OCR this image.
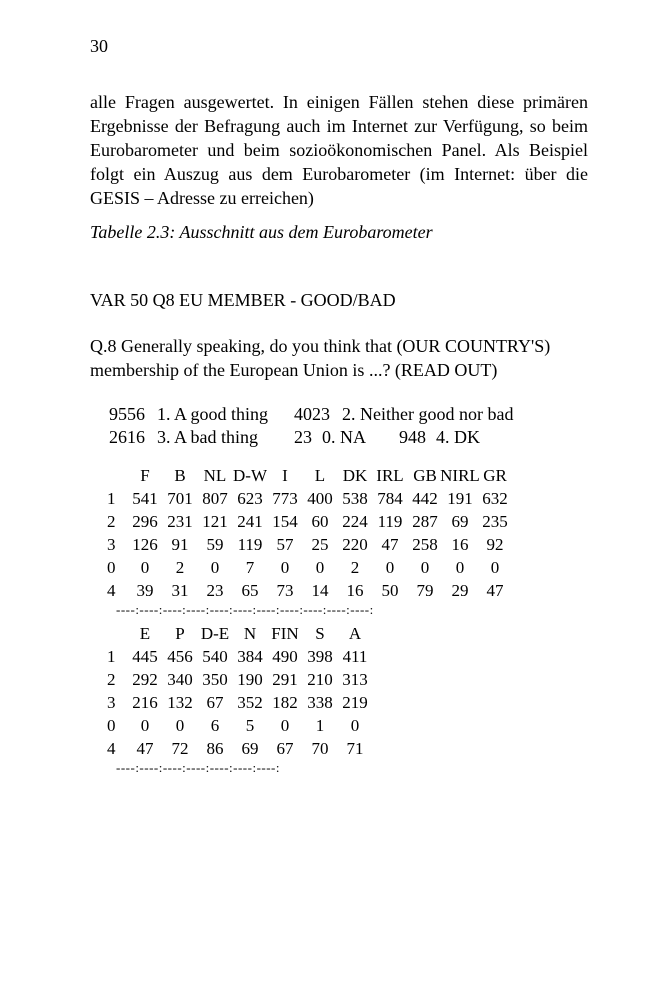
30

alle Fragen ausgewertet. In einigen Fällen stehen diese primären Ergebnisse der Befragung auch im Internet zur Verfügung, so beim Eurobarometer und beim sozioökonomischen Panel. Als Beispiel folgt ein Auszug aus dem Eurobarometer (im Internet: über die GESIS – Adresse zu erreichen)

Tabelle 2.3: Ausschnitt aus dem Eurobarometer
VAR 50 Q8 EU MEMBER - GOOD/BAD

Q.8 Generally speaking, do you think that (OUR COUNTRY'S) membership of the European Union is ...? (READ OUT)

9556 1. A good thing 4023 2. Neither good nor bad
2616 3. A bad thing 23 0. NA 948 4. DK
F	B	NL D-W I	L	DK IRL GB NIRL GR
1 541 701 807 623 773 400 538 784 442 191 632
2 296 231 121 241 154 60 224 119 287 69 235
3 126 91	59 119 57	25 220 47 258 16	92
0	0	2	0	7	0	0	2	0	0	0	0
4	39	31	23	65	73	14	16	50	79	29	47
----:----:----:----:----:----:----:----:----:----:----:
E	P D-E N FIN S	A
1 445 456 540 384 490 398 411
2 292 340 350 190 291 210 313
3 216 132 67 352 182 338 219
0	0	0	6	5	0	1	0
4	47	72	86	69	67	70	71
----:----:----:----:----:----:----:
